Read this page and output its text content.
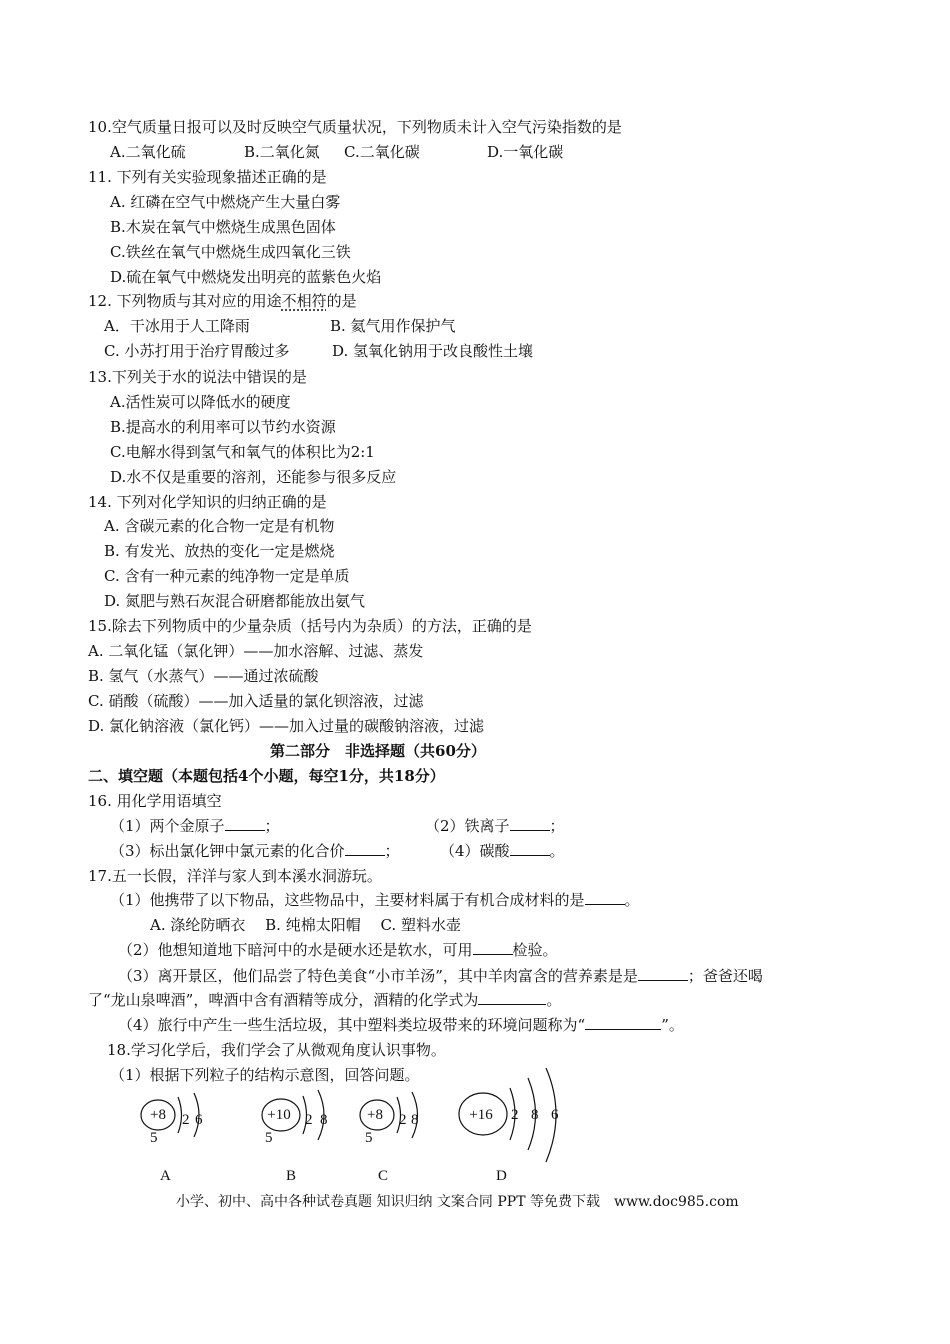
10.空气质量日报可以及时反映空气质量状况，下列物质未计入空气污染指数的是
A.二氧化硫	B.二氧化氮 C.二氧化碳	D.一氧化碳
11. 下列有关实验现象描述正确的是
A. 红磷在空气中燃烧产生大量白雾
B.木炭在氧气中燃烧生成黑色固体
C.铁丝在氧气中燃烧生成四氧化三铁
D.硫在氧气中燃烧发出明亮的蓝紫色火焰
12. 下列物质与其对应的用途不相符的是
A．干冰用于人工降雨	B. 氦气用作保护气
C. 小苏打用于治疗胃酸过多	D. 氢氧化钠用于改良酸性土壤
13.下列关于水的说法中错误的是
A.活性炭可以降低水的硬度
B.提高水的利用率可以节约水资源
C.电解水得到氢气和氧气的体积比为2:1
D.水不仅是重要的溶剂，还能参与很多反应
14. 下列对化学知识的归纳正确的是
A. 含碳元素的化合物一定是有机物
B. 有发光、放热的变化一定是燃烧
C. 含有一种元素的纯净物一定是单质
D. 氮肥与熟石灰混合研磨都能放出氨气
15.除去下列物质中的少量杂质（括号内为杂质）的方法，正确的是
A. 二氧化锰（氯化钾）——加水溶解、过滤、蒸发
B. 氢气（水蒸气）——通过浓硫酸
C. 硝酸（硫酸）——加入适量的氯化钡溶液，过滤
D. 氯化钠溶液（氯化钙）——加入过量的碳酸钠溶液，过滤
第二部分　非选择题（共60分）
二、填空题（本题包括4个小题，每空1分，共18分）
16. 用化学用语填空
（1）两个金原子	；	（2）铁离子	；
（3）标出氯化钾中氯元素的化合价	；	（4）碳酸	。
17.五一长假，洋洋与家人到本溪水洞游玩。
（1）他携带了以下物品，这些物品中，主要材料属于有机合成材料的是	。
A. 涤纶防晒衣　 B. 纯棉太阳帽　 C. 塑料水壶
（2）他想知道地下暗河中的水是硬水还是软水，可用	检验。
（3）离开景区，他们品尝了特色美食“小市羊汤”，其中羊肉富含的营养素是是	；爸爸还喝
了“龙山泉啤酒”，啤酒中含有酒精等成分，酒精的化学式为	。
（4）旅行中产生一些生活垃圾，其中塑料类垃圾带来的环境问题称为“	”。
18.学习化学后，我们学会了从微观角度认识事物。
（1）根据下列粒子的结构示意图，回答问题。
+8
5
2 6
A
+10
5
2 8
B
+8
5
2 8
C
+16 2 8 6
D
小学、初中、高中各种试卷真题 知识归纳 文案合同 PPT 等免费下载　www.doc985.com
